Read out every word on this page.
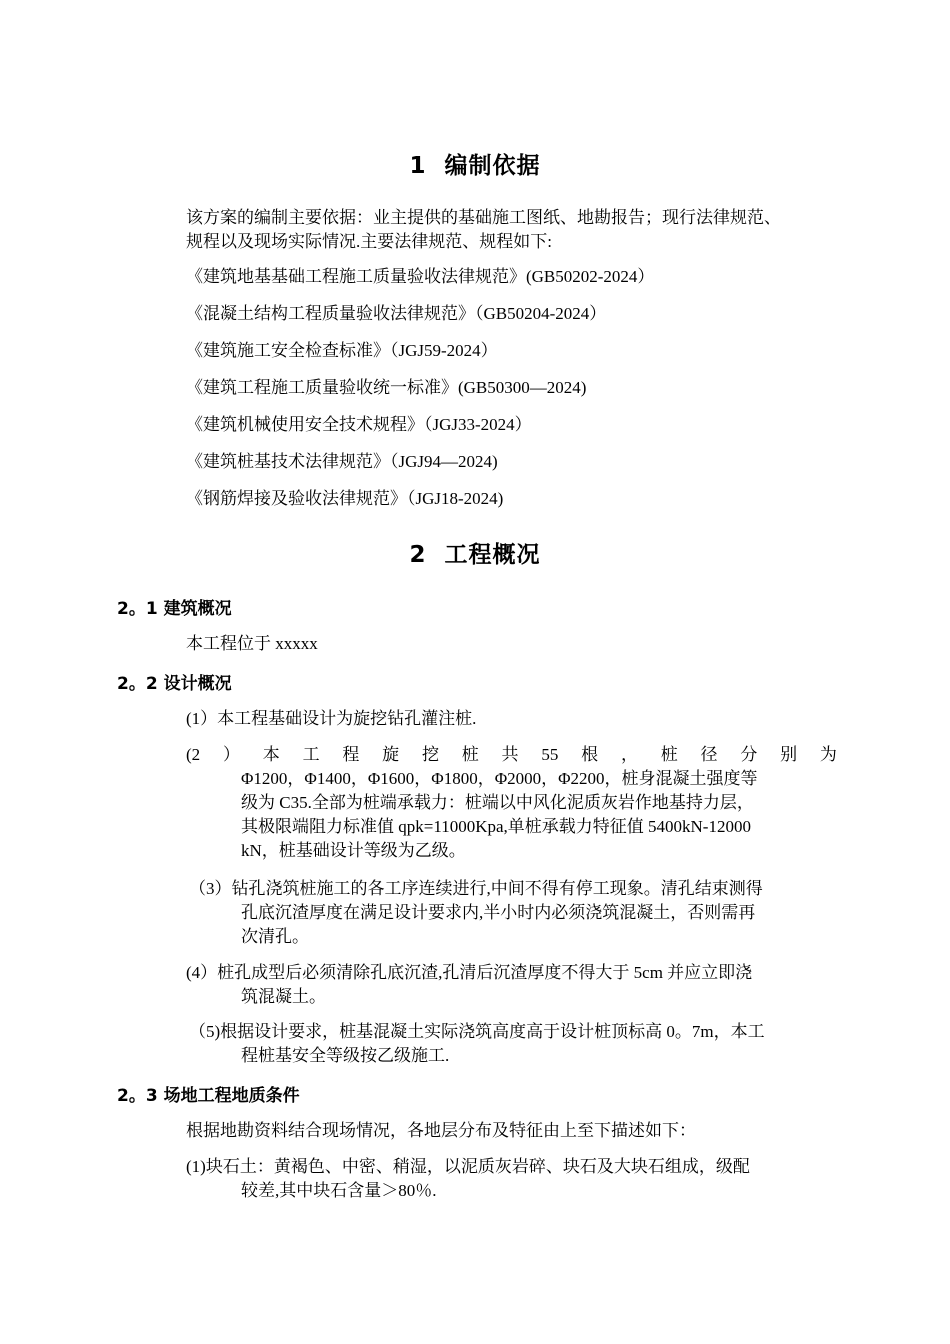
1 编制依据
该方案的编制主要依据：业主提供的基础施工图纸、地勘报告；现行法律规范、
规程以及现场实际情况.主要法律规范、规程如下:
《建筑地基基础工程施工质量验收法律规范》(GB50202-2024）
《混凝土结构工程质量验收法律规范》（GB50204-2024）
《建筑施工安全检查标准》（JGJ59-2024）
《建筑工程施工质量验收统一标准》(GB50300—2024)
《建筑机械使用安全技术规程》（JGJ33-2024）
《建筑桩基技术法律规范》（JGJ94—2024)
《钢筋焊接及验收法律规范》（JGJ18-2024)
2 工程概况
2。1 建筑概况
本工程位于 xxxxx
2。2 设计概况
(1）本工程基础设计为旋挖钻孔灌注桩.
(2 ） 本 工 程 旋 挖 桩 共 55 根 ， 桩 径 分 别 为
Φ1200，Φ1400，Φ1600，Φ1800，Φ2000，Φ2200，桩身混凝土强度等
级为 C35.全部为桩端承载力：桩端以中风化泥质灰岩作地基持力层，
其极限端阻力标准值 qpk=11000Kpa,单桩承载力特征值 5400kN-12000
kN，桩基础设计等级为乙级。
（3）钻孔浇筑桩施工的各工序连续进行,中间不得有停工现象。清孔结束测得
孔底沉渣厚度在满足设计要求内,半小时内必须浇筑混凝土，否则需再
次清孔。
(4）桩孔成型后必须清除孔底沉渣,孔清后沉渣厚度不得大于 5cm 并应立即浇
筑混凝土。
（5)根据设计要求，桩基混凝土实际浇筑高度高于设计桩顶标高 0。7m，本工
程桩基安全等级按乙级施工.
2。3 场地工程地质条件
根据地勘资料结合现场情况，各地层分布及特征由上至下描述如下：
(1)块石土：黄褐色、中密、稍湿，以泥质灰岩碎、块石及大块石组成，级配
较差,其中块石含量＞80％.
